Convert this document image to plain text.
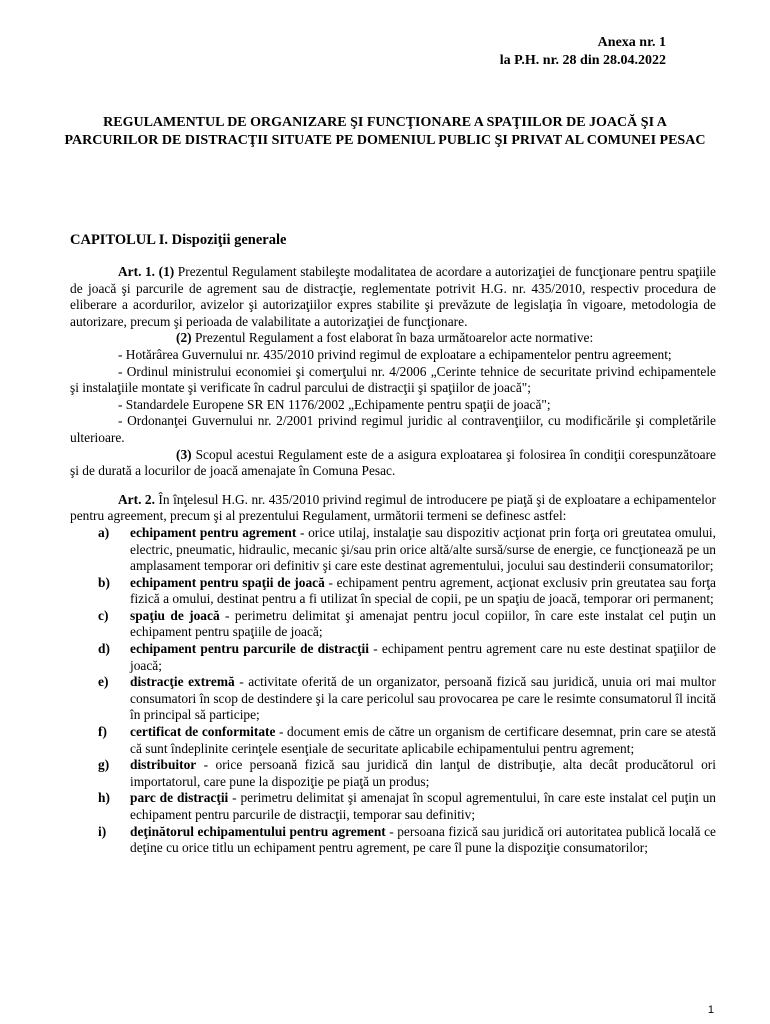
Anexa nr. 1
la P.H. nr. 28 din 28.04.2022
REGULAMENTUL DE ORGANIZARE ŞI FUNCŢIONARE A SPAŢIILOR DE JOACĂ ŞI A PARCURILOR DE DISTRACŢII SITUATE PE DOMENIUL PUBLIC ŞI PRIVAT AL COMUNEI PESAC
CAPITOLUL I. Dispoziţii generale

Art. 1. (1) Prezentul Regulament stabileşte modalitatea de acordare a autorizaţiei de funcţionare pentru spaţiile de joacă şi parcurile de agrement sau de distracţie, reglementate potrivit H.G. nr. 435/2010, respectiv procedura de eliberare a acordurilor, avizelor şi autorizaţiilor expres stabilite şi prevăzute de legislaţia în vigoare, metodologia de autorizare, precum şi perioada de valabilitate a autorizaţiei de funcţionare.

(2) Prezentul Regulament a fost elaborat în baza următoarelor acte normative:

- Hotărârea Guvernului nr. 435/2010 privind regimul de exploatare a echipamentelor pentru agreement;

- Ordinul ministrului economiei şi comerţului nr. 4/2006 „Cerinte tehnice de securitate privind echipamentele şi instalaţiile montate şi verificate în cadrul parcului de distracţii şi spaţiilor de joacă";

- Standardele Europene SR EN 1176/2002 „Echipamente pentru spaţii de joacă";

- Ordonanţei Guvernului nr. 2/2001 privind regimul juridic al contravenţiilor, cu modificările şi completările ulterioare.

(3) Scopul acestui Regulament este de a asigura exploatarea şi folosirea în condiţii corespunzătoare şi de durată a locurilor de joacă amenajate în Comuna Pesac.

Art. 2. În înţelesul H.G. nr. 435/2010 privind regimul de introducere pe piaţă şi de exploatare a echipamentelor pentru agreement, precum şi al prezentului Regulament, următorii termeni se definesc astfel:

a)	echipament pentru agrement - orice utilaj, instalaţie sau dispozitiv acţionat prin forţa ori greutatea omului, electric, pneumatic, hidraulic, mecanic şi/sau prin orice altă/alte sursă/surse de energie, ce funcţionează pe un amplasament temporar ori definitiv şi care este destinat agrementului, jocului sau destinderii consumatorilor;
b)	echipament pentru spaţii de joacă - echipament pentru agrement, acţionat exclusiv prin greutatea sau forţa fizică a omului, destinat pentru a fi utilizat în special de copii, pe un spaţiu de joacă, temporar ori permanent;
c)	spaţiu de joacă - perimetru delimitat şi amenajat pentru jocul copiilor, în care este instalat cel puţin un echipament pentru spaţiile de joacă;
d)	echipament pentru parcurile de distracţii - echipament pentru agrement care nu este destinat spaţiilor de joacă;
e)	distracţie extremă - activitate oferită de un organizator, persoană fizică sau juridică, unuia ori mai multor consumatori în scop de destindere şi la care pericolul sau provocarea pe care le resimte consumatorul îl incită în principal să participe;
f)	certificat de conformitate - document emis de către un organism de certificare desemnat, prin care se atestă că sunt îndeplinite cerinţele esenţiale de securitate aplicabile echipamentului pentru agrement;
g)	distribuitor - orice persoană fizică sau juridică din lanţul de distribuţie, alta decât producătorul ori importatorul, care pune la dispoziţie pe piaţă un produs;
h)	parc de distracţii - perimetru delimitat şi amenajat în scopul agrementului, în care este instalat cel puţin un echipament pentru parcurile de distracţii, temporar sau definitiv;
i)	deţinătorul echipamentului pentru agrement - persoana fizică sau juridică ori autoritatea publică locală ce deţine cu orice titlu un echipament pentru agrement, pe care îl pune la dispoziţie consumatorilor;
1
